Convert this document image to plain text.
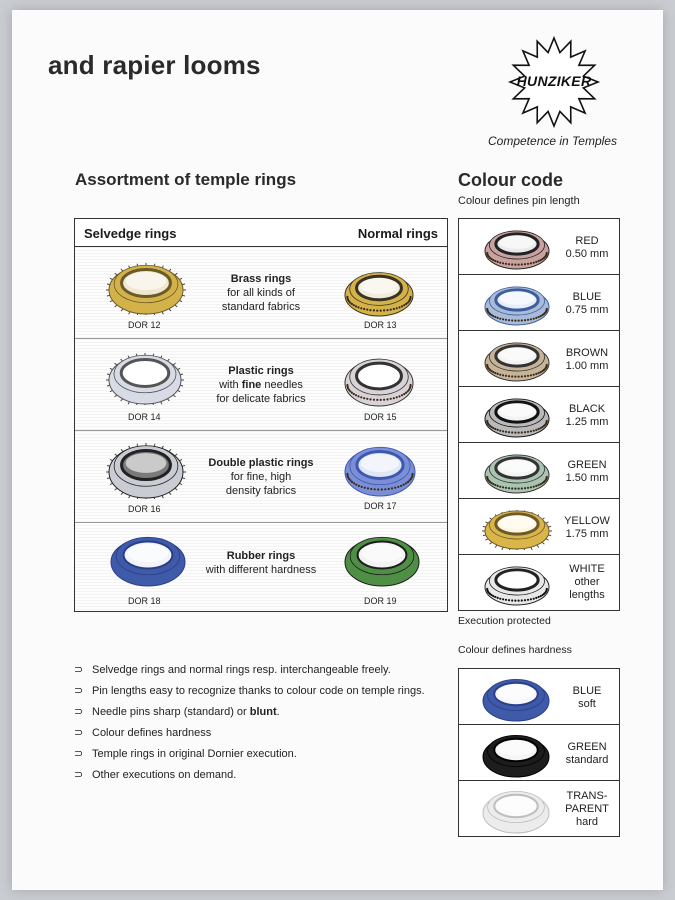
and rapier looms
HUNZIKER
Competence in Temples
Assortment of temple rings	Colour code
Colour defines pin length
Selvedge rings	Normal rings
DOR 12
Brass rings
for all kinds of
standard fabrics
DOR 13
DOR 14
Plastic rings
with fine needles
for delicate fabrics
DOR 15
DOR 16
Double plastic rings
for fine, high
density fabrics
DOR 17
DOR 18
Rubber rings
with different hardness
DOR 19
RED
0.50 mm
BLUE
0.75 mm
BROWN
1.00 mm
BLACK
1.25 mm
GREEN
1.50 mm
YELLOW
1.75 mm
WHITE
other
lengths
Execution protected
Colour defines hardness
BLUE
soft
GREEN
standard
TRANS-
PARENT
hard
⊃ Selvedge rings and normal rings resp. interchangeable freely.
⊃ Pin lengths easy to recognize thanks to colour code on temple rings.
⊃ Needle pins sharp (standard) or blunt.
⊃ Colour defines hardness
⊃ Temple rings in original Dornier execution.
⊃ Other executions on demand.
